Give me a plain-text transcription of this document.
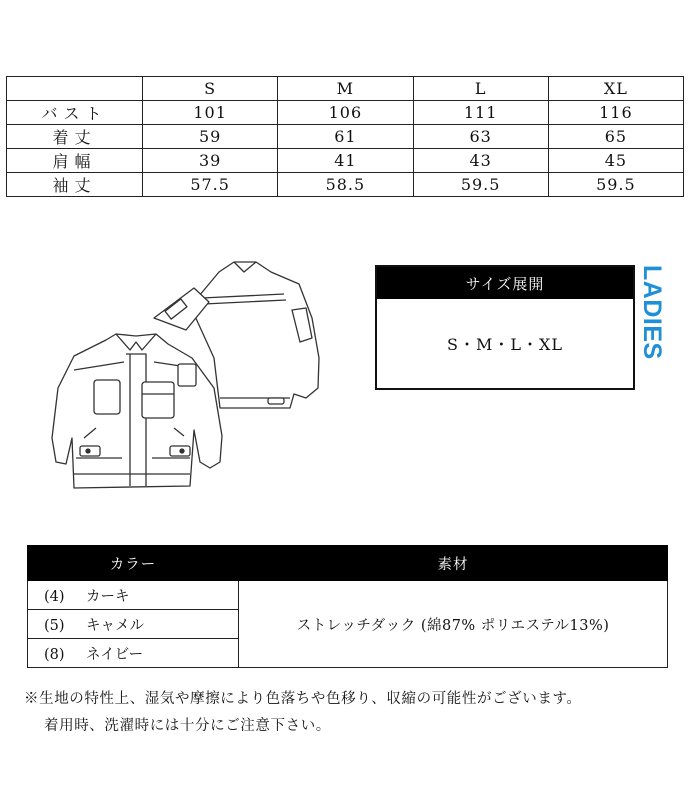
	S	M	L	XL
バスト	101	106	111	116
着丈	59	61	63	65
肩幅	39	41	43	45
袖丈	57.5	58.5	59.5	59.5
サイズ展開
S・M・L・XL	LADIES
カラー	素材
(4) カーキ	ストレッチダック (綿87% ポリエステル13%)
(5) キャメル	
(8) ネイビー	

※生地の特性上、湿気や摩擦により色落ちや色移り、収縮の可能性がございます。

着用時、洗濯時には十分にご注意下さい。
